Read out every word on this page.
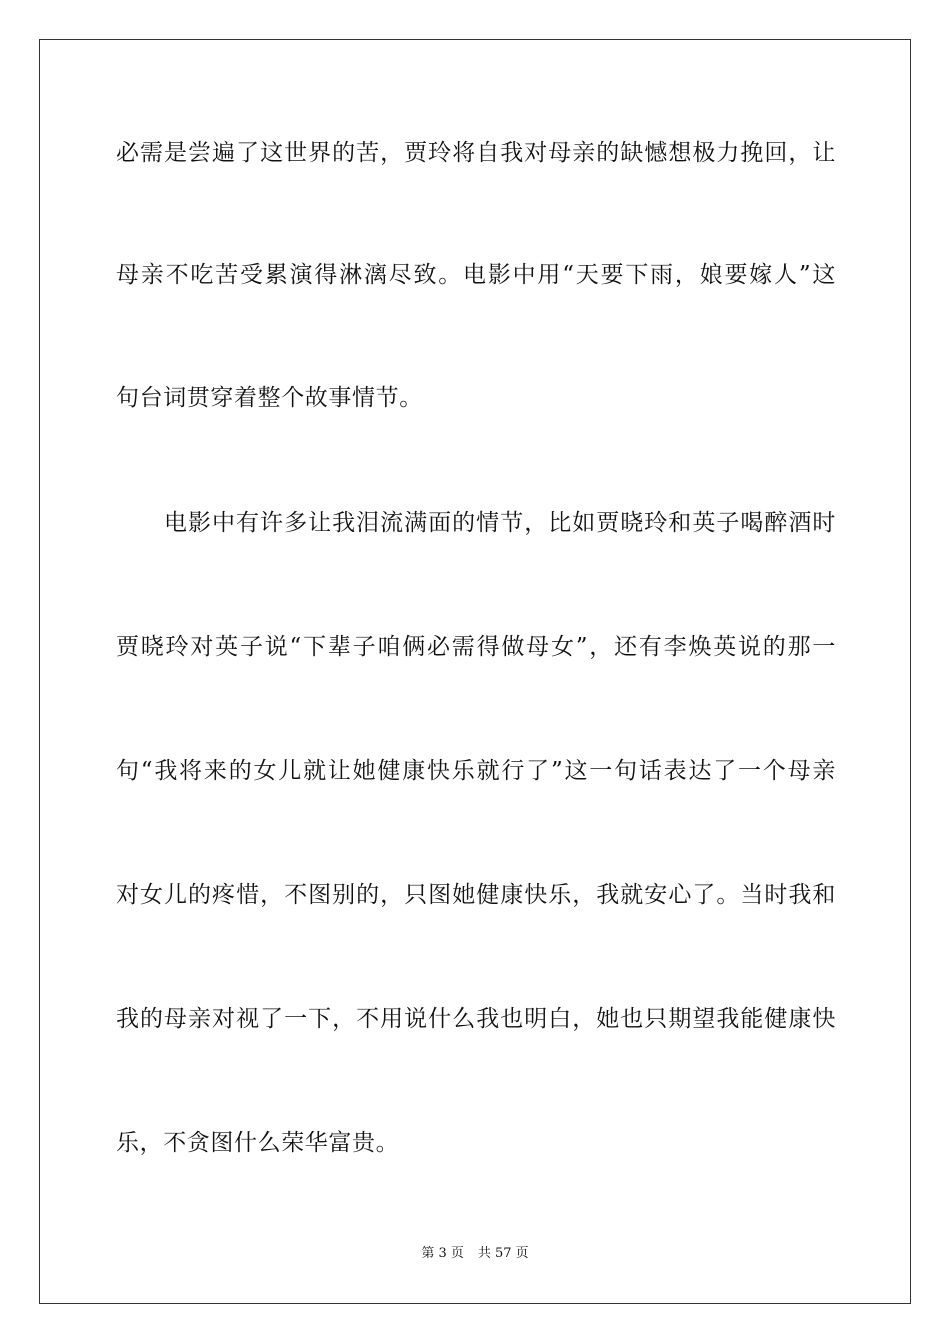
必需是尝遍了这世界的苦，贾玲将自我对母亲的缺憾想极力挽回，让
母亲不吃苦受累演得淋漓尽致。电影中用“天要下雨，娘要嫁人”这
句台词贯穿着整个故事情节。
电影中有许多让我泪流满面的情节，比如贾晓玲和英子喝醉酒时
贾晓玲对英子说“下辈子咱俩必需得做母女”，还有李焕英说的那一
句“我将来的女儿就让她健康快乐就行了”这一句话表达了一个母亲
对女儿的疼惜，不图别的，只图她健康快乐，我就安心了。当时我和
我的母亲对视了一下，不用说什么我也明白，她也只期望我能健康快
乐，不贪图什么荣华富贵。
第 3 页 共 57 页
